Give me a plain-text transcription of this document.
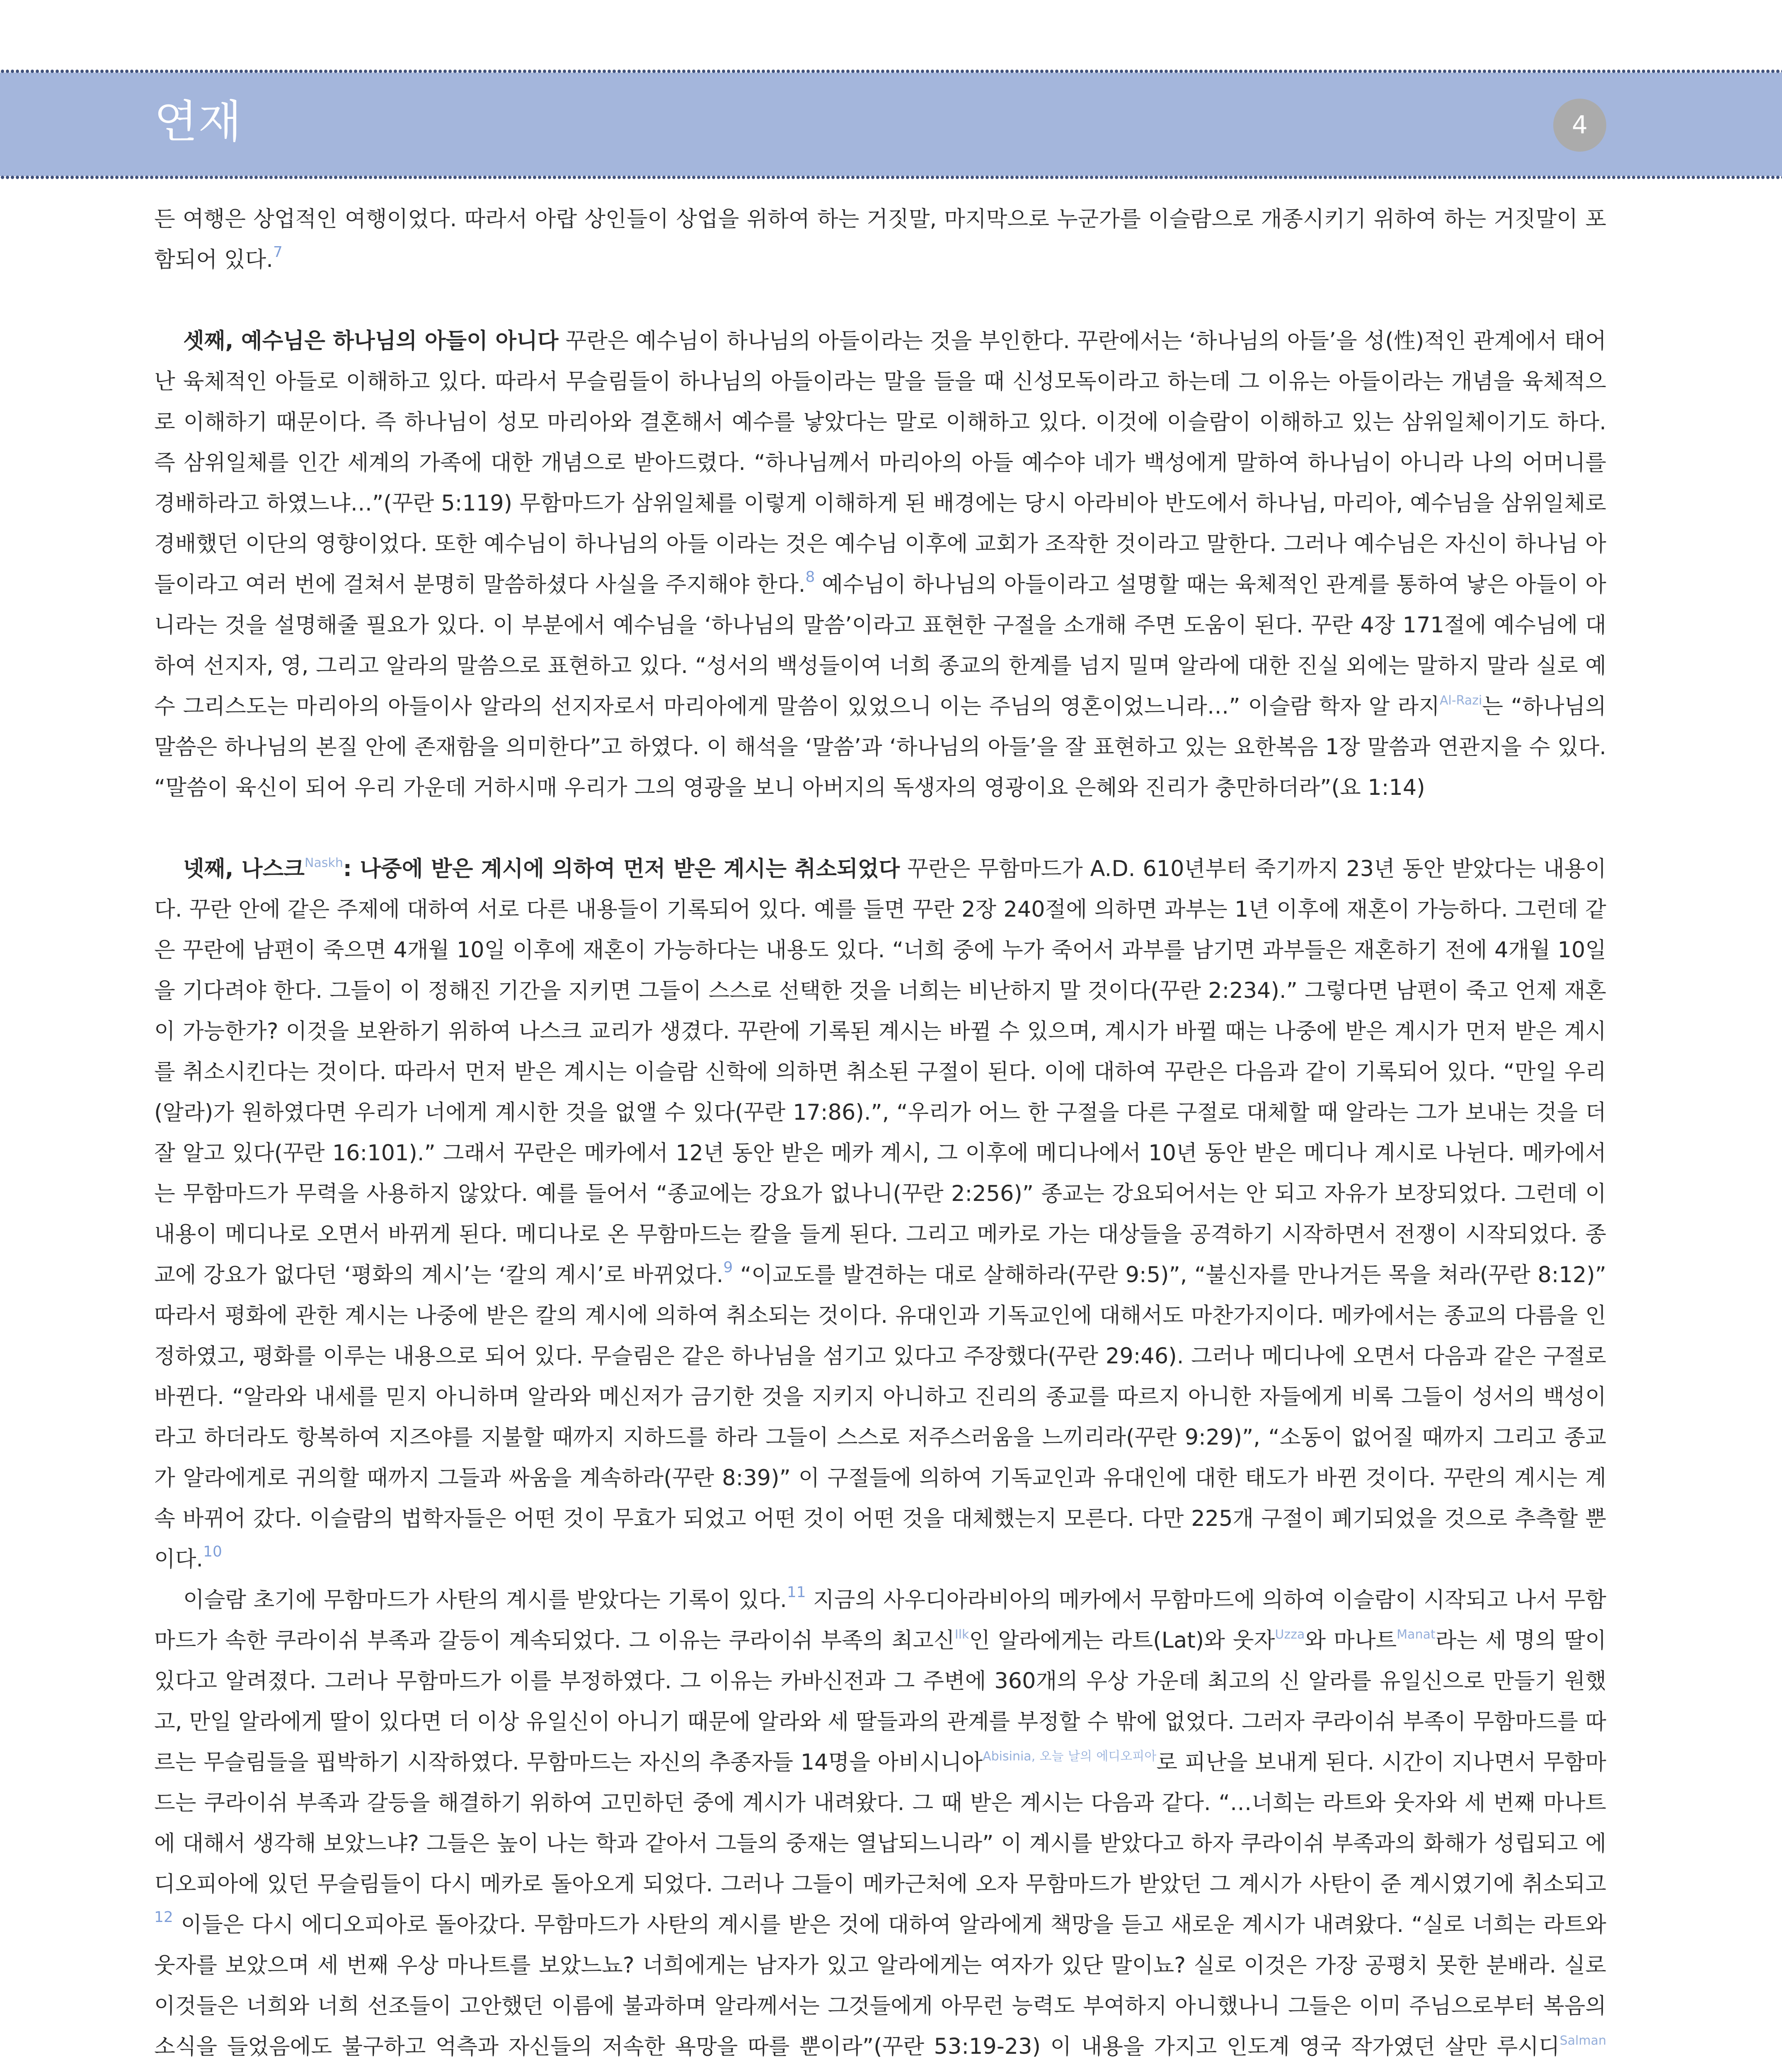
연재	4

든 여행은 상업적인 여행이었다. 따라서 아랍 상인들이 상업을 위하여 하는 거짓말, 마지막으로 누군가를 이슬람으로 개종시키기 위하여 하는 거짓말이 포함되어 있다.$^7$

셋째, 예수님은 하나님의 아들이 아니다 꾸란은 예수님이 하나님의 아들이라는 것을 부인한다. 꾸란에서는 ‘하나님의 아들’을 성(性)적인 관계에서 태어난 육체적인 아들로 이해하고 있다. 따라서 무슬림들이 하나님의 아들이라는 말을 들을 때 신성모독이라고 하는데 그 이유는 아들이라는 개념을 육체적으로 이해하기 때문이다. 즉 하나님이 성모 마리아와 결혼해서 예수를 낳았다는 말로 이해하고 있다. 이것에 이슬람이 이해하고 있는 삼위일체이기도 하다. 즉 삼위일체를 인간 세계의 가족에 대한 개념으로 받아드렸다. “하나님께서 마리아의 아들 예수야 네가 백성에게 말하여 하나님이 아니라 나의 어머니를 경배하라고 하였느냐…”(꾸란 5:119) 무함마드가 삼위일체를 이렇게 이해하게 된 배경에는 당시 아라비아 반도에서 하나님, 마리아, 예수님을 삼위일체로 경배했던 이단의 영향이었다. 또한 예수님이 하나님의 아들 이라는 것은 예수님 이후에 교회가 조작한 것이라고 말한다. 그러나 예수님은 자신이 하나님 아들이라고 여러 번에 걸쳐서 분명히 말씀하셨다 사실을 주지해야 한다.$^8$ 예수님이 하나님의 아들이라고 설명할 때는 육체적인 관계를 통하여 낳은 아들이 아니라는 것을 설명해줄 필요가 있다. 이 부분에서 예수님을 ‘하나님의 말씀’이라고 표현한 구절을 소개해 주면 도움이 된다. 꾸란 4장 171절에 예수님에 대하여 선지자, 영, 그리고 알라의 말씀으로 표현하고 있다. “성서의 백성들이여 너희 종교의 한계를 넘지 밀며 알라에 대한 진실 외에는 말하지 말라 실로 예수 그리스도는 마리아의 아들이사 알라의 선지자로서 마리아에게 말씀이 있었으니 이는 주님의 영혼이었느니라…” 이슬람 학자 알 라지$^{Al-Razi}$는 “하나님의 말씀은 하나님의 본질 안에 존재함을 의미한다”고 하였다. 이 해석을 ‘말씀’과 ‘하나님의 아들’을 잘 표현하고 있는 요한복음 1장 말씀과 연관지을 수 있다. “말씀이 육신이 되어 우리 가운데 거하시매 우리가 그의 영광을 보니 아버지의 독생자의 영광이요 은혜와 진리가 충만하더라”(요 1:14)

넷째, 나스크$^{Naskh}$: 나중에 받은 계시에 의하여 먼저 받은 계시는 취소되었다 꾸란은 무함마드가 A.D. 610년부터 죽기까지 23년 동안 받았다는 내용이다. 꾸란 안에 같은 주제에 대하여 서로 다른 내용들이 기록되어 있다. 예를 들면 꾸란 2장 240절에 의하면 과부는 1년 이후에 재혼이 가능하다. 그런데 같은 꾸란에 남편이 죽으면 4개월 10일 이후에 재혼이 가능하다는 내용도 있다. “너희 중에 누가 죽어서 과부를 남기면 과부들은 재혼하기 전에 4개월 10일을 기다려야 한다. 그들이 이 정해진 기간을 지키면 그들이 스스로 선택한 것을 너희는 비난하지 말 것이다(꾸란 2:234).” 그렇다면 남편이 죽고 언제 재혼이 가능한가? 이것을 보완하기 위하여 나스크 교리가 생겼다. 꾸란에 기록된 계시는 바뀔 수 있으며, 계시가 바뀔 때는 나중에 받은 계시가 먼저 받은 계시를 취소시킨다는 것이다. 따라서 먼저 받은 계시는 이슬람 신학에 의하면 취소된 구절이 된다. 이에 대하여 꾸란은 다음과 같이 기록되어 있다. “만일 우리(알라)가 원하였다면 우리가 너에게 계시한 것을 없앨 수 있다(꾸란 17:86).”, “우리가 어느 한 구절을 다른 구절로 대체할 때 알라는 그가 보내는 것을 더 잘 알고 있다(꾸란 16:101).” 그래서 꾸란은 메카에서 12년 동안 받은 메카 계시, 그 이후에 메디나에서 10년 동안 받은 메디나 계시로 나뉜다. 메카에서는 무함마드가 무력을 사용하지 않았다. 예를 들어서 “종교에는 강요가 없나니(꾸란 2:256)” 종교는 강요되어서는 안 되고 자유가 보장되었다. 그런데 이 내용이 메디나로 오면서 바뀌게 된다. 메디나로 온 무함마드는 칼을 들게 된다. 그리고 메카로 가는 대상들을 공격하기 시작하면서 전쟁이 시작되었다. 종교에 강요가 없다던 ‘평화의 계시’는 ‘칼의 계시’로 바뀌었다.$^9$ “이교도를 발견하는 대로 살해하라(꾸란 9:5)”, “불신자를 만나거든 목을 쳐라(꾸란 8:12)” 따라서 평화에 관한 계시는 나중에 받은 칼의 계시에 의하여 취소되는 것이다. 유대인과 기독교인에 대해서도 마찬가지이다. 메카에서는 종교의 다름을 인정하였고, 평화를 이루는 내용으로 되어 있다. 무슬림은 같은 하나님을 섬기고 있다고 주장했다(꾸란 29:46). 그러나 메디나에 오면서 다음과 같은 구절로 바뀐다. “알라와 내세를 믿지 아니하며 알라와 메신저가 금기한 것을 지키지 아니하고 진리의 종교를 따르지 아니한 자들에게 비록 그들이 성서의 백성이라고 하더라도 항복하여 지즈야를 지불할 때까지 지하드를 하라 그들이 스스로 저주스러움을 느끼리라(꾸란 9:29)”, “소동이 없어질 때까지 그리고 종교가 알라에게로 귀의할 때까지 그들과 싸움을 계속하라(꾸란 8:39)” 이 구절들에 의하여 기독교인과 유대인에 대한 태도가 바뀐 것이다. 꾸란의 계시는 계속 바뀌어 갔다. 이슬람의 법학자들은 어떤 것이 무효가 되었고 어떤 것이 어떤 것을 대체했는지 모른다. 다만 225개 구절이 폐기되었을 것으로 추측할 뿐이다.$^{10}$

이슬람 초기에 무함마드가 사탄의 계시를 받았다는 기록이 있다.$^{11}$ 지금의 사우디아라비아의 메카에서 무함마드에 의하여 이슬람이 시작되고 나서 무함마드가 속한 쿠라이쉬 부족과 갈등이 계속되었다. 그 이유는 쿠라이쉬 부족의 최고신$^{Ilk}$인 알라에게는 라트(Lat)와 웃자$^{Uzza}$와 마나트$^{Manat}$라는 세 명의 딸이 있다고 알려졌다. 그러나 무함마드가 이를 부정하였다. 그 이유는 카바신전과 그 주변에 360개의 우상 가운데 최고의 신 알라를 유일신으로 만들기 원했고, 만일 알라에게 딸이 있다면 더 이상 유일신이 아니기 때문에 알라와 세 딸들과의 관계를 부정할 수 밖에 없었다. 그러자 쿠라이쉬 부족이 무함마드를 따르는 무슬림들을 핍박하기 시작하였다. 무함마드는 자신의 추종자들 14명을 아비시니아$^{Abisinia, 오늘 날의 에디오피아}$로 피난을 보내게 된다. 시간이 지나면서 무함마드는 쿠라이쉬 부족과 갈등을 해결하기 위하여 고민하던 중에 계시가 내려왔다. 그 때 받은 계시는 다음과 같다. “…너희는 라트와 웃자와 세 번째 마나트에 대해서 생각해 보았느냐? 그들은 높이 나는 학과 같아서 그들의 중재는 열납되느니라” 이 계시를 받았다고 하자 쿠라이쉬 부족과의 화해가 성립되고 에디오피아에 있던 무슬림들이 다시 메카로 돌아오게 되었다. 그러나 그들이 메카근처에 오자 무함마드가 받았던 그 계시가 사탄이 준 계시였기에 취소되고$^{12}$ 이들은 다시 에디오피아로 돌아갔다. 무함마드가 사탄의 계시를 받은 것에 대하여 알라에게 책망을 듣고 새로운 계시가 내려왔다. “실로 너희는 라트와 웃자를 보았으며 세 번째 우상 마나트를 보았느뇨? 너희에게는 남자가 있고 알라에게는 여자가 있단 말이뇨? 실로 이것은 가장 공평치 못한 분배라. 실로 이것들은 너희와 너희 선조들이 고안했던 이름에 불과하며 알라께서는 그것들에게 아무런 능력도 부여하지 아니했나니 그들은 이미 주님으로부터 복음의 소식을 들었음에도 불구하고 억측과 자신들의 저속한 욕망을 따를 뿐이라”(꾸란 53:19-23) 이 내용을 가지고 인도계 영국 작가였던 살만 루시디$^{Salman}$
